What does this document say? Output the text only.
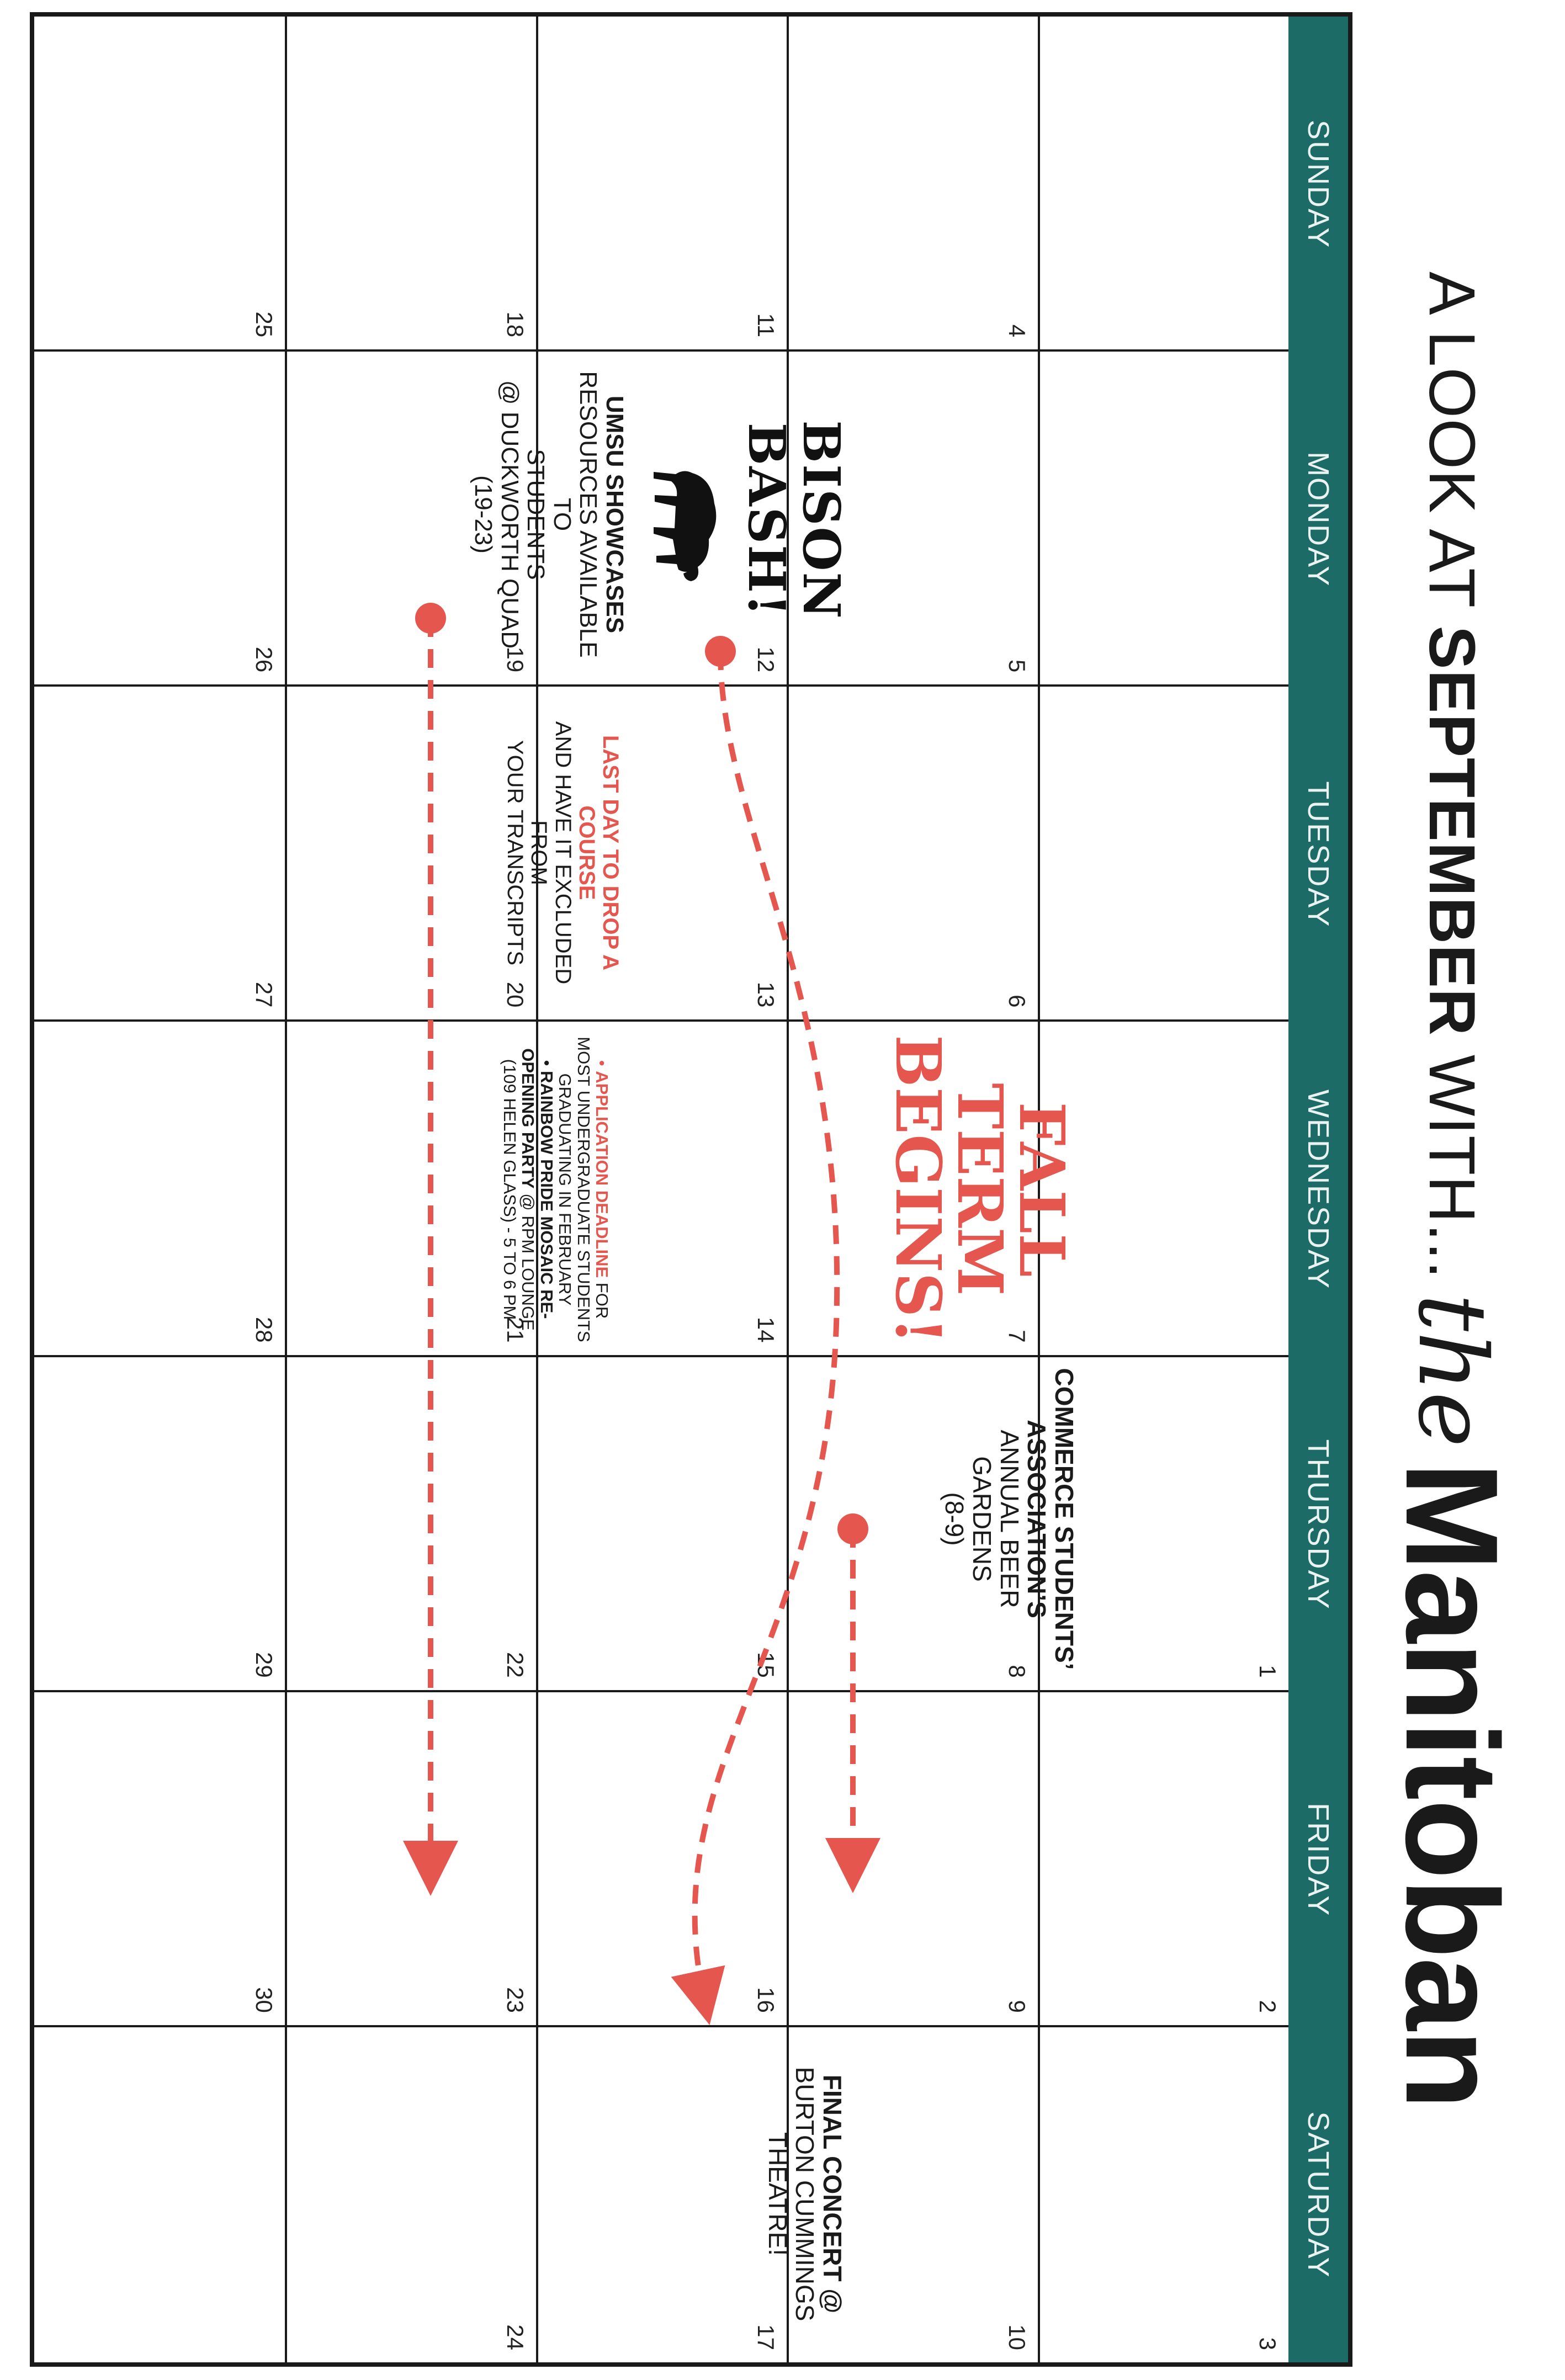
A LOOK AT SEPTEMBER WITH...
the
Manitoban
SUNDAY
MONDAY
TUESDAY
WEDNESDAY
THURSDAY
FRIDAY
SATURDAY
1
2
3
4
5
6
7
8
9
10
11
12
13
14
15
16
17
18
19
20
21
22
23
24
25
26
27
28
29
30
FALL TERM
BEGINS!
COMMERCE STUDENTS’
ASSOCIATION’S
ANNUAL BEER GARDENS
(8-9)
BISON BASH!
FINAL CONCERT @
BURTON CUMMINGS
THEATRE!
UMSU SHOWCASES
RESOURCES AVAILABLE TO
STUDENTS
@ DUCKWORTH QUAD
(19-23)
LAST DAY TO DROP A
COURSE
AND HAVE IT EXCLUDED FROM
YOUR TRANSCRIPTS
• APPLICATION DEADLINE FOR
MOST UNDERGRADUATE STUDENTS
GRADUATING IN FEBRUARY
• RAINBOW PRIDE MOSAIC RE-
OPENING PARTY @ RPM LOUNGE
(109 HELEN GLASS) - 5 TO 6 PM
